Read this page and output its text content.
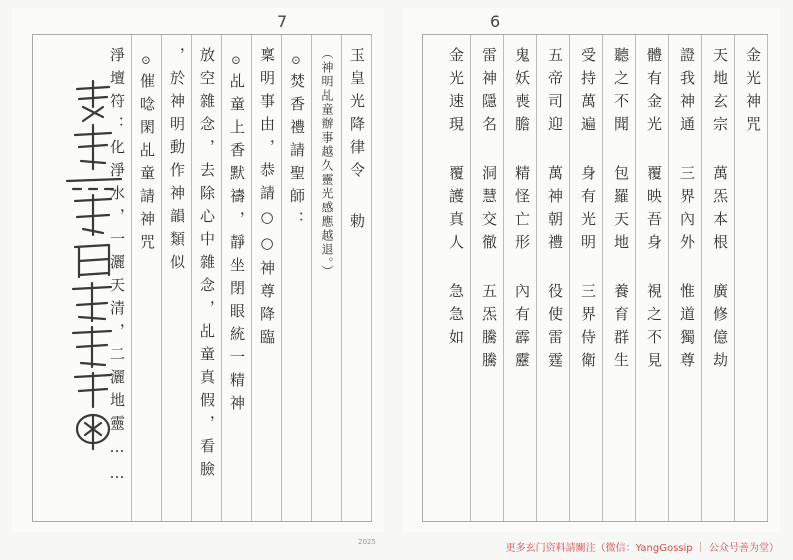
7
玉皇光降律令
勅
（神明乩童辦事越久靈光感應越退。）
⊙
焚香禮請聖師：
稟明事由，恭請○○神尊降臨
⊙
乩童上香默禱，靜坐閉眼統一精神
放空雜念，去除心中雜念，乩童真假，看臉
，於神明動作神韻類似
⊙
催唸閑乩童請神咒
淨壇符：化淨水，一灑天清，二灑地靈……
6
金光神咒
天地玄宗 萬炁本根 廣修億劫
證我神通 三界內外 惟道獨尊
體有金光 覆映吾身 視之不見
聽之不聞 包羅天地 養育群生
受持萬遍 身有光明 三界侍衛
五帝司迎 萬神朝禮 役使雷霆
鬼妖喪膽 精怪亡形 內有霹靂
雷神隱名 洞慧交徹 五炁騰騰
金光速現 覆護真人 急急如
2025
更多玄门资料請關注（微信：YangGossip ｜ 公众号善为堂）
